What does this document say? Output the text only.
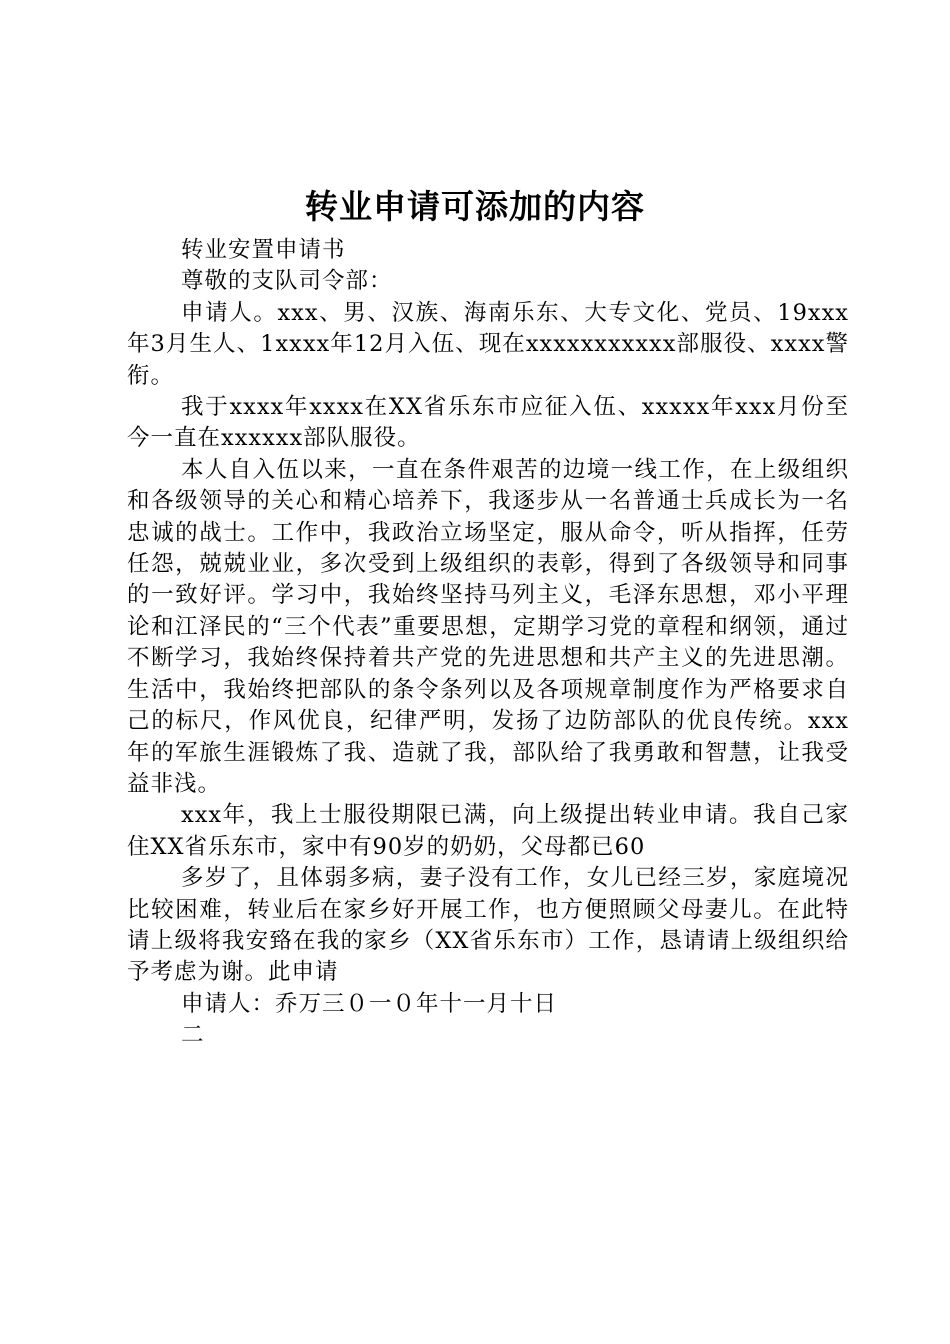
转业申请可添加的内容

转业安置申请书

尊敬的支队司令部：

申请人。xxx、男、汉族、海南乐东、大专文化、党员、19xxx年3月生人、1xxxx年12月入伍、现在xxxxxxxxxxx部服役、xxxx警衔。

我于xxxx年xxxx在XX省乐东市应征入伍、xxxxx年xxx月份至今一直在xxxxxx部队服役。

本人自入伍以来，一直在条件艰苦的边境一线工作，在上级组织和各级领导的关心和精心培养下，我逐步从一名普通士兵成长为一名忠诚的战士。工作中，我政治立场坚定，服从命令，听从指挥，任劳任怨，兢兢业业，多次受到上级组织的表彰，得到了各级领导和同事的一致好评。学习中，我始终坚持马列主义，毛泽东思想，邓小平理论和江泽民的“三个代表”重要思想，定期学习党的章程和纲领，通过不断学习，我始终保持着共产党的先进思想和共产主义的先进思潮。生活中，我始终把部队的条令条列以及各项规章制度作为严格要求自己的标尺，作风优良，纪律严明，发扬了边防部队的优良传统。xxx年的军旅生涯锻炼了我、造就了我，部队给了我勇敢和智慧，让我受益非浅。

xxx年，我上士服役期限已满，向上级提出转业申请。我自己家住XX省乐东市，家中有90岁的奶奶，父母都已60

多岁了，且体弱多病，妻子没有工作，女儿已经三岁，家庭境况比较困难，转业后在家乡好开展工作，也方便照顾父母妻儿。在此特请上级将我安臵在我的家乡（XX省乐东市）工作，恳请请上级组织给予考虑为谢。此申请

申请人：乔万三０一０年十一月十日

二
